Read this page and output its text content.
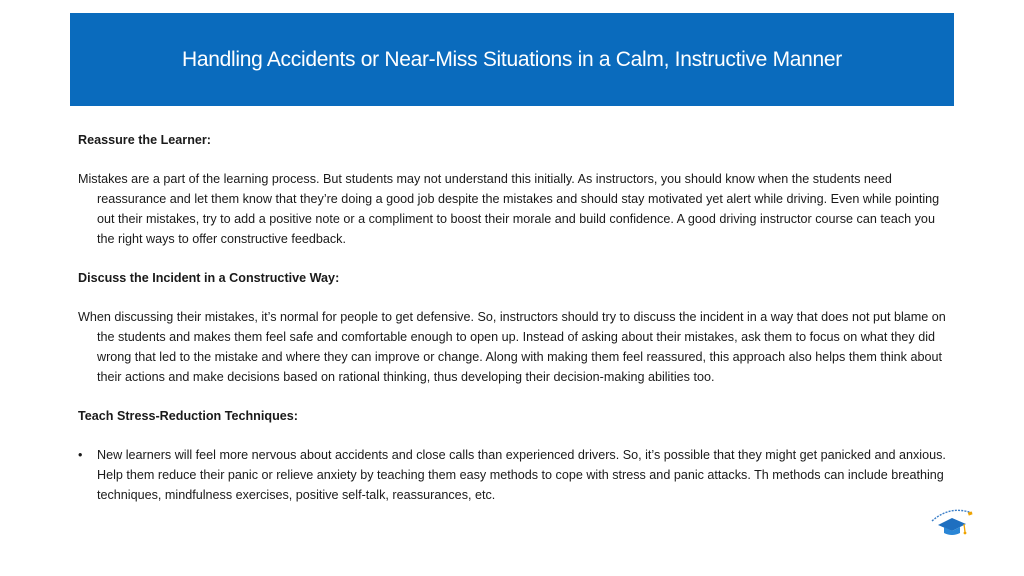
Handling Accidents or Near-Miss Situations in a Calm, Instructive Manner
Reassure the Learner:
Mistakes are a part of the learning process. But students may not understand this initially. As instructors, you should know when the students need reassurance and let them know that they’re doing a good job despite the mistakes and should stay motivated yet alert while driving. Even while pointing out their mistakes, try to add a positive note or a compliment to boost their morale and build confidence. A good driving instructor course can teach you the right ways to offer constructive feedback.
Discuss the Incident in a Constructive Way:
When discussing their mistakes, it’s normal for people to get defensive. So, instructors should try to discuss the incident in a way that does not put blame on the students and makes them feel safe and comfortable enough to open up. Instead of asking about their mistakes, ask them to focus on what they did wrong that led to the mistake and where they can improve or change. Along with making them feel reassured, this approach also helps them think about their actions and make decisions based on rational thinking, thus developing their decision-making abilities too.
Teach Stress-Reduction Techniques:
•	New learners will feel more nervous about accidents and close calls than experienced drivers. So, it’s possible that they might get panicked and anxious. Help them reduce their panic or relieve anxiety by teaching them easy methods to cope with stress and panic attacks. Th methods can include breathing techniques, mindfulness exercises, positive self-talk, reassurances, etc.
